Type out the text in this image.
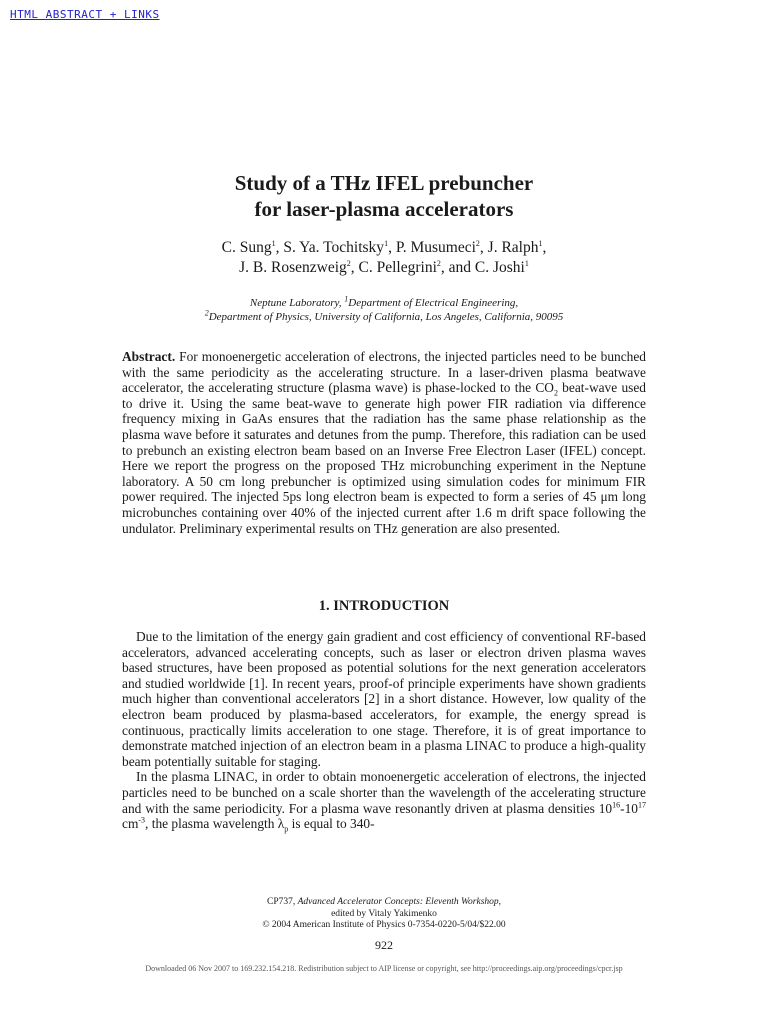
HTML ABSTRACT + LINKS
Study of a THz IFEL prebuncher
for laser-plasma accelerators
C. Sung$^1$, S. Ya. Tochitsky$^1$, P. Musumeci$^2$, J. Ralph$^1$,
J. B. Rosenzweig$^2$, C. Pellegrini$^2$, and C. Joshi$^1$
Neptune Laboratory, $^1$Department of Electrical Engineering,
$^2$Department of Physics, University of California, Los Angeles, California, 90095
Abstract. For monoenergetic acceleration of electrons, the injected particles need to be bunched with the same periodicity as the accelerating structure. In a laser-driven plasma beatwave accelerator, the accelerating structure (plasma wave) is phase-locked to the $CO_2$ beat-wave used to drive it. Using the same beat-wave to generate high power FIR radiation via difference frequency mixing in GaAs ensures that the radiation has the same phase relationship as the plasma wave before it saturates and detunes from the pump. Therefore, this radiation can be used to prebunch an existing electron beam based on an Inverse Free Electron Laser (IFEL) concept. Here we report the progress on the proposed THz microbunching experiment in the Neptune laboratory. A 50 cm long prebuncher is optimized using simulation codes for minimum FIR power required. The injected 5ps long electron beam is expected to form a series of 45 μm long microbunches containing over 40% of the injected current after 1.6 m drift space following the undulator. Preliminary experimental results on THz generation are also presented.
1. INTRODUCTION

Due to the limitation of the energy gain gradient and cost efficiency of conventional RF-based accelerators, advanced accelerating concepts, such as laser or electron driven plasma waves based structures, have been proposed as potential solutions for the next generation accelerators and studied worldwide [1]. In recent years, proof-of principle experiments have shown gradients much higher than conventional accelerators [2] in a short distance. However, low quality of the electron beam produced by plasma-based accelerators, for example, the energy spread is continuous, practically limits acceleration to one stage. Therefore, it is of great importance to demonstrate matched injection of an electron beam in a plasma LINAC to produce a high-quality beam potentially suitable for staging.

In the plasma LINAC, in order to obtain monoenergetic acceleration of electrons, the injected particles need to be bunched on a scale shorter than the wavelength of the accelerating structure and with the same periodicity. For a plasma wave resonantly driven at plasma densities $10^{16}-10^{17}$ $cm^{-3}$, the plasma wavelength $\lambda_p$ is equal to 340-

CP737, Advanced Accelerator Concepts: Eleventh Workshop,
edited by Vitaly Yakimenko
© 2004 American Institute of Physics 0-7354-0220-5/04/$22.00
922
Downloaded 06 Nov 2007 to 169.232.154.218. Redistribution subject to AIP license or copyright, see http://proceedings.aip.org/proceedings/cpcr.jsp
